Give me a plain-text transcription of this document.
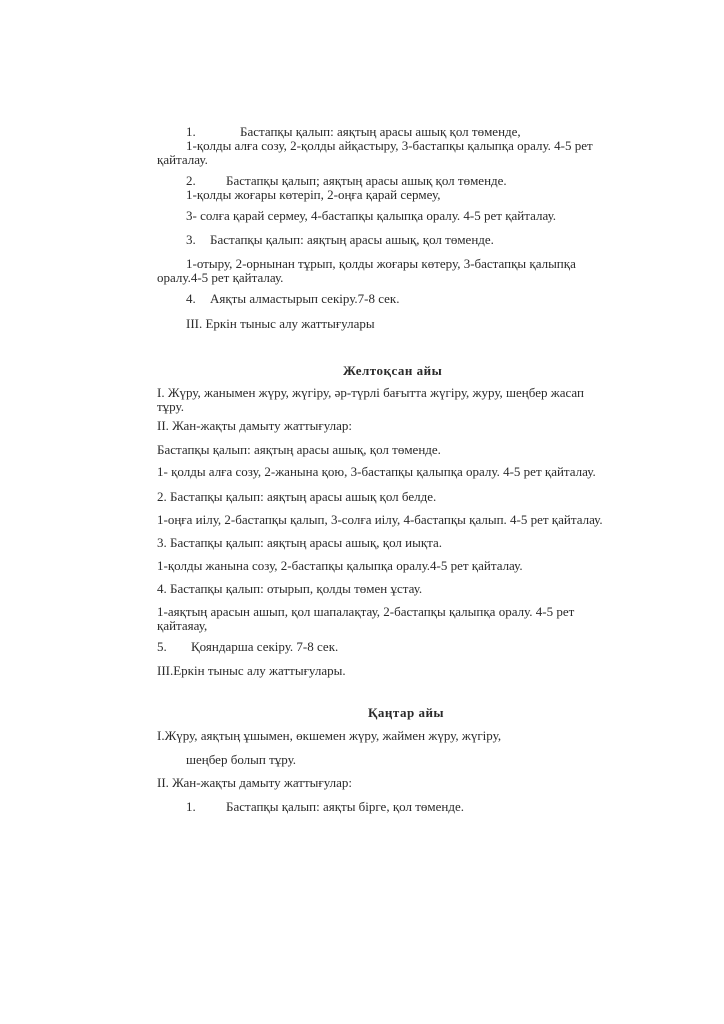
1.	Бастапқы қалып: аяқтың арасы ашық қол төменде,
1-қолды алға созу, 2-қолды айқастыру, 3-бастапқы қалыпқа оралу. 4-5 рет
қайталау.
2. Бастапқы қалып; аяқтың арасы ашық қол төменде.
1-қолды жоғары көтеріп, 2-оңға қарай сермеу,
3- солға қарай сермеу, 4-бастапқы қалыпқа оралу. 4-5 рет қайталау.
3. Бастапқы қалып: аяқтың арасы ашық, қол төменде.
1-отыру, 2-орнынан тұрып, қолды жоғары көтеру, 3-бастапқы қалыпқа
оралу.4-5 рет қайталау.
4. Аяқты алмастырып секіру.7-8 сек.
ІІІ. Еркін тыныс алу жаттығулары
Желтоқсан айы
І. Жүру, жанымен жүру, жүгіру, әр-түрлі бағытта жүгіру, журу, шеңбер жасап
тұру.
ІІ. Жан-жақты дамыту жаттығулар:
Бастапқы қалып: аяқтың арасы ашық, қол төменде.
1- қолды алға созу, 2-жанына қою, 3-бастапқы қалыпқа оралу. 4-5 рет қайталау.
2. Бастапқы қалып: аяқтың арасы ашық қол белде.
1-оңға иілу, 2-бастапқы қалып, 3-солға иілу, 4-бастапқы қалып. 4-5 рет қайталау.
3. Бастапқы қалып: аяқтың арасы ашық, қол иықта.
1-қолды жанына созу, 2-бастапқы қалыпқа оралу.4-5 рет қайталау.
4. Бастапқы қалып: отырып, қолды төмен ұстау.
1-аяқтың арасын ашып, қол шапалақтау, 2-бастапқы қалыпқа оралу. 4-5 рет
қайтаяау,
5. Қояндарша секіру. 7-8 сек.
ІІІ.Еркін тыныс алу жаттығулары.
Қаңтар айы
І.Жүру, аяқтың ұшымен, өкшемен жүру, жаймен жүру, жүгіру,
шеңбер болып тұру.
ІІ. Жан-жақты дамыту жаттығулар:
1. Бастапқы қалып: аяқты бірге, қол төменде.
